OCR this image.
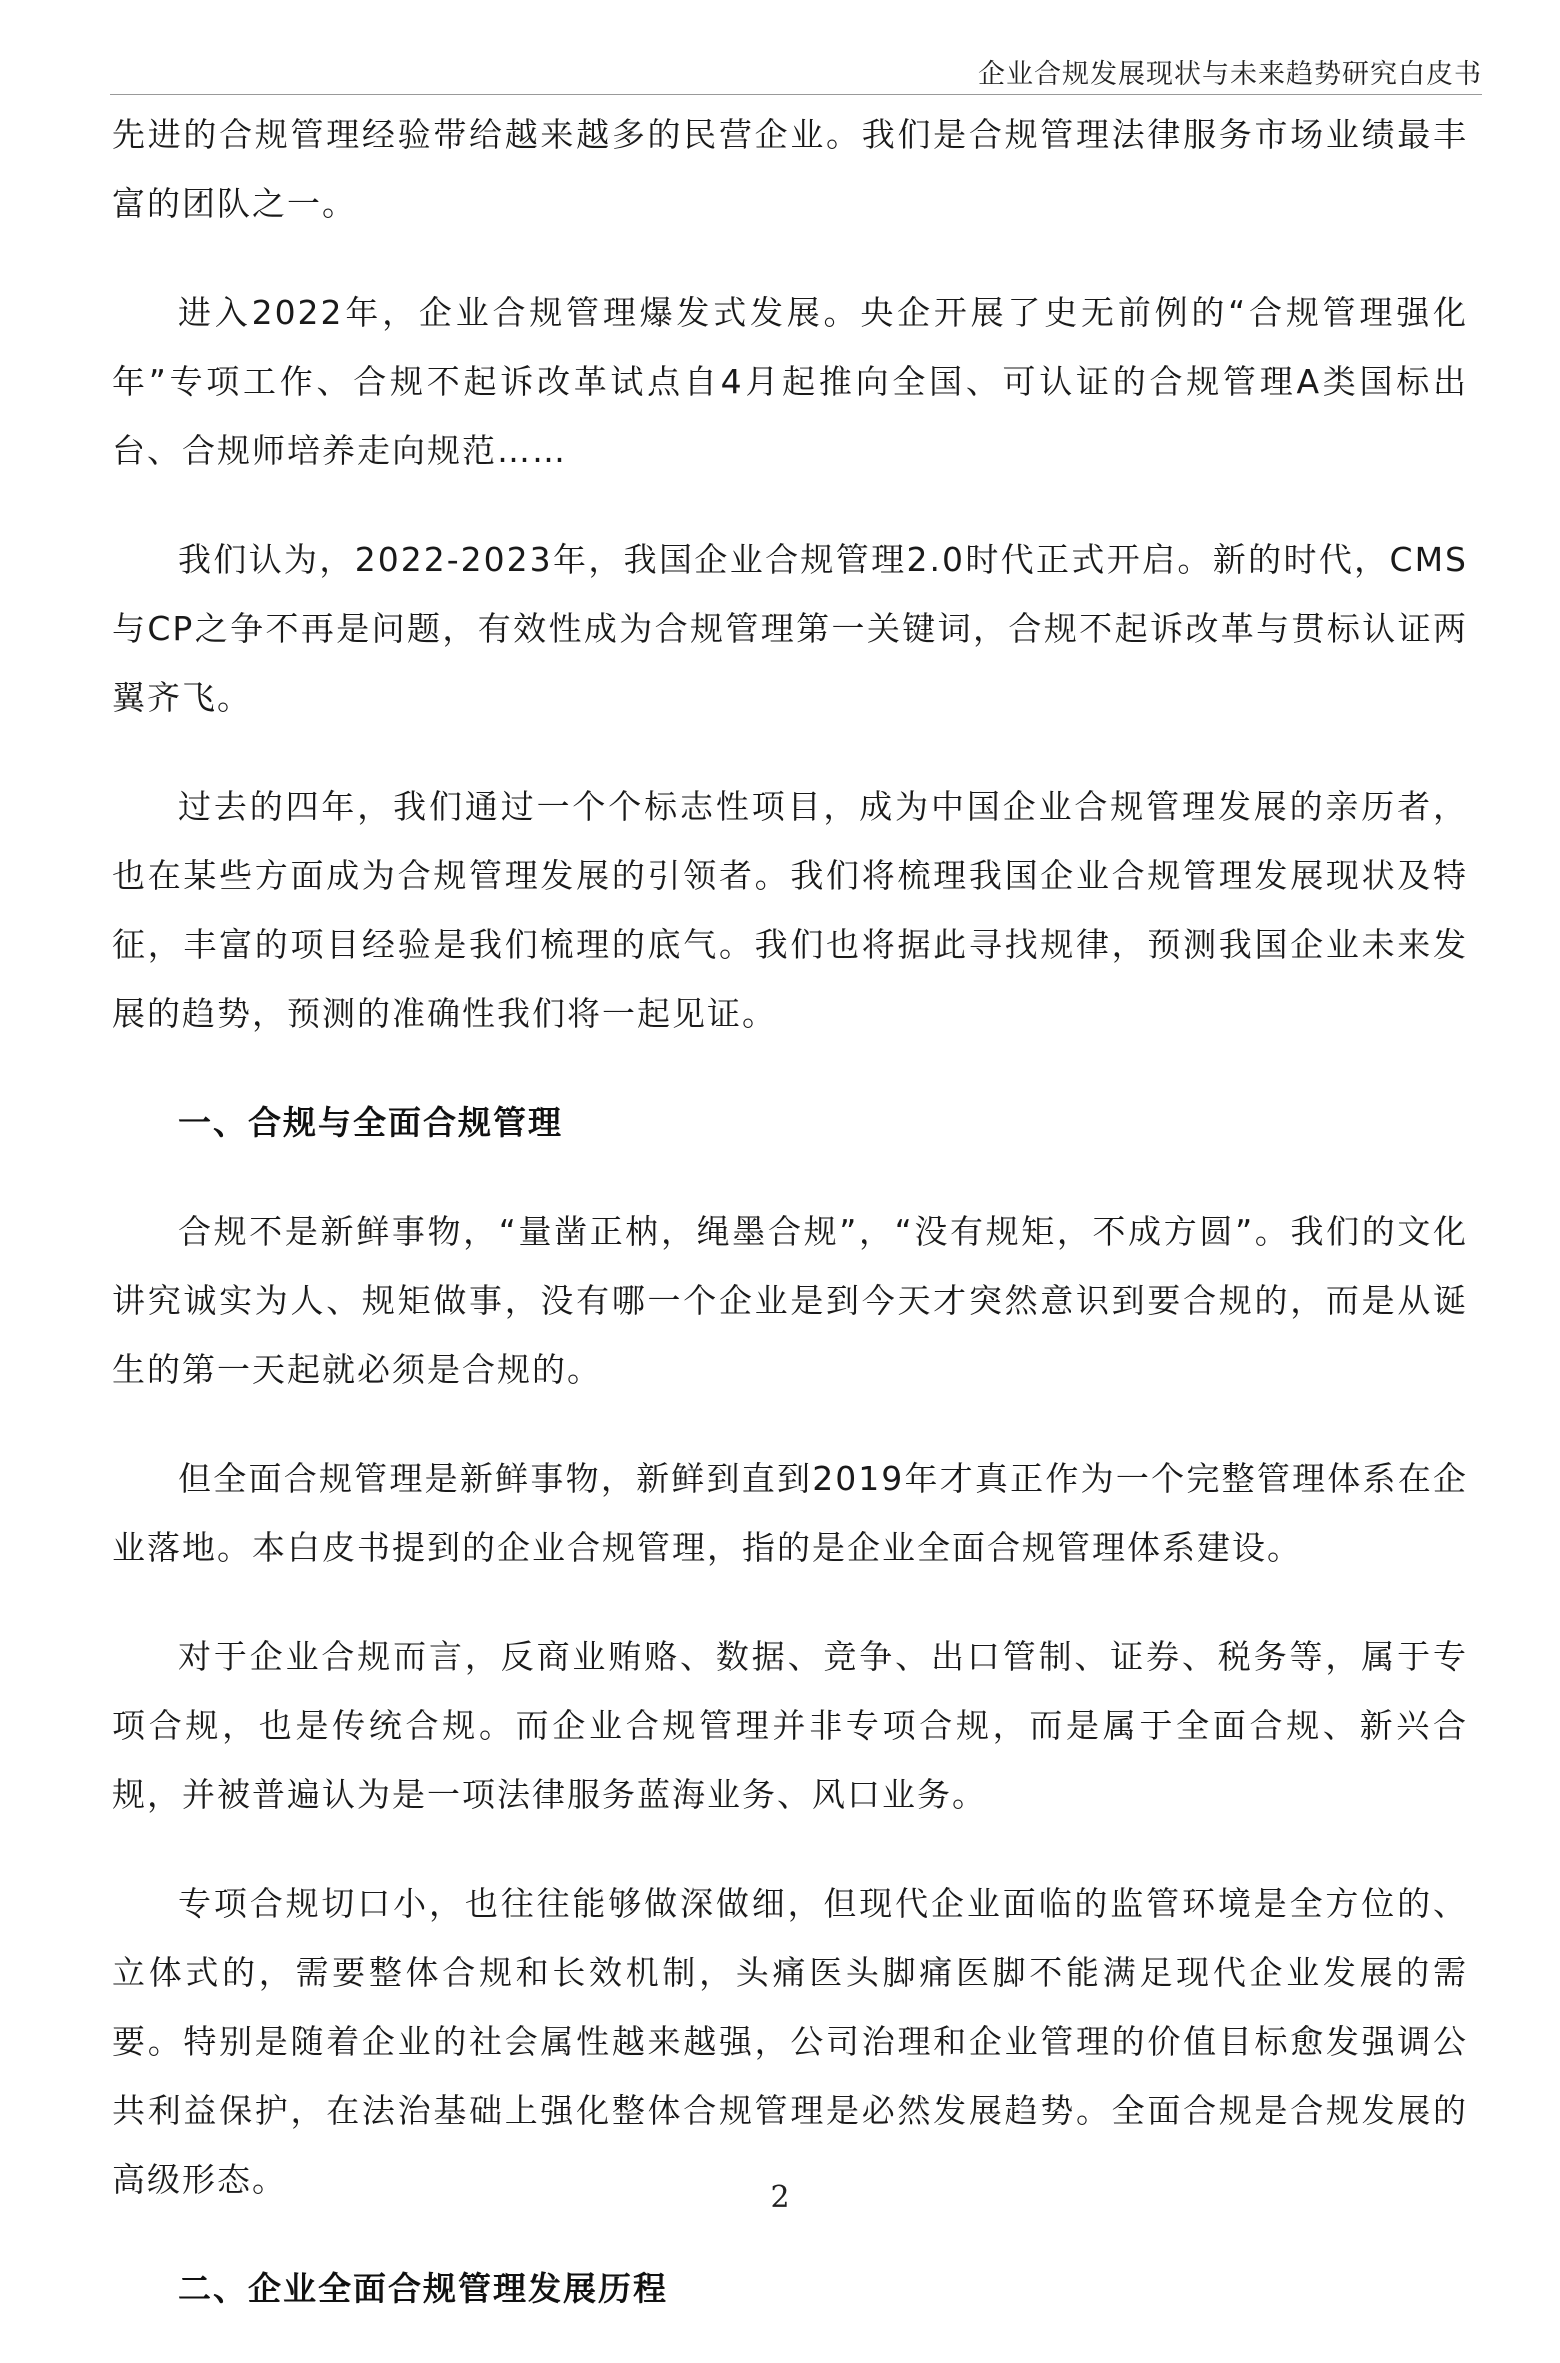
企业合规发展现状与未来趋势研究白皮书

先进的合规管理经验带给越来越多的民营企业。我们是合规管理法律服务市场业绩最丰富的团队之一。

进入2022年，企业合规管理爆发式发展。央企开展了史无前例的“合规管理强化年”专项工作、合规不起诉改革试点自4月起推向全国、可认证的合规管理A类国标出台、合规师培养走向规范……

我们认为，2022-2023年，我国企业合规管理2.0时代正式开启。新的时代，CMS与CP之争不再是问题，有效性成为合规管理第一关键词，合规不起诉改革与贯标认证两翼齐飞。

过去的四年，我们通过一个个标志性项目，成为中国企业合规管理发展的亲历者，也在某些方面成为合规管理发展的引领者。我们将梳理我国企业合规管理发展现状及特征，丰富的项目经验是我们梳理的底气。我们也将据此寻找规律，预测我国企业未来发展的趋势，预测的准确性我们将一起见证。

一、合规与全面合规管理

合规不是新鲜事物，“量凿正枘，绳墨合规”，“没有规矩，不成方圆”。我们的文化讲究诚实为人、规矩做事，没有哪一个企业是到今天才突然意识到要合规的，而是从诞生的第一天起就必须是合规的。

但全面合规管理是新鲜事物，新鲜到直到2019年才真正作为一个完整管理体系在企业落地。本白皮书提到的企业合规管理，指的是企业全面合规管理体系建设。

对于企业合规而言，反商业贿赂、数据、竞争、出口管制、证券、税务等，属于专项合规，也是传统合规。而企业合规管理并非专项合规，而是属于全面合规、新兴合规，并被普遍认为是一项法律服务蓝海业务、风口业务。

专项合规切口小，也往往能够做深做细，但现代企业面临的监管环境是全方位的、立体式的，需要整体合规和长效机制，头痛医头脚痛医脚不能满足现代企业发展的需要。特别是随着企业的社会属性越来越强，公司治理和企业管理的价值目标愈发强调公共利益保护，在法治基础上强化整体合规管理是必然发展趋势。全面合规是合规发展的高级形态。

二、企业全面合规管理发展历程
2
